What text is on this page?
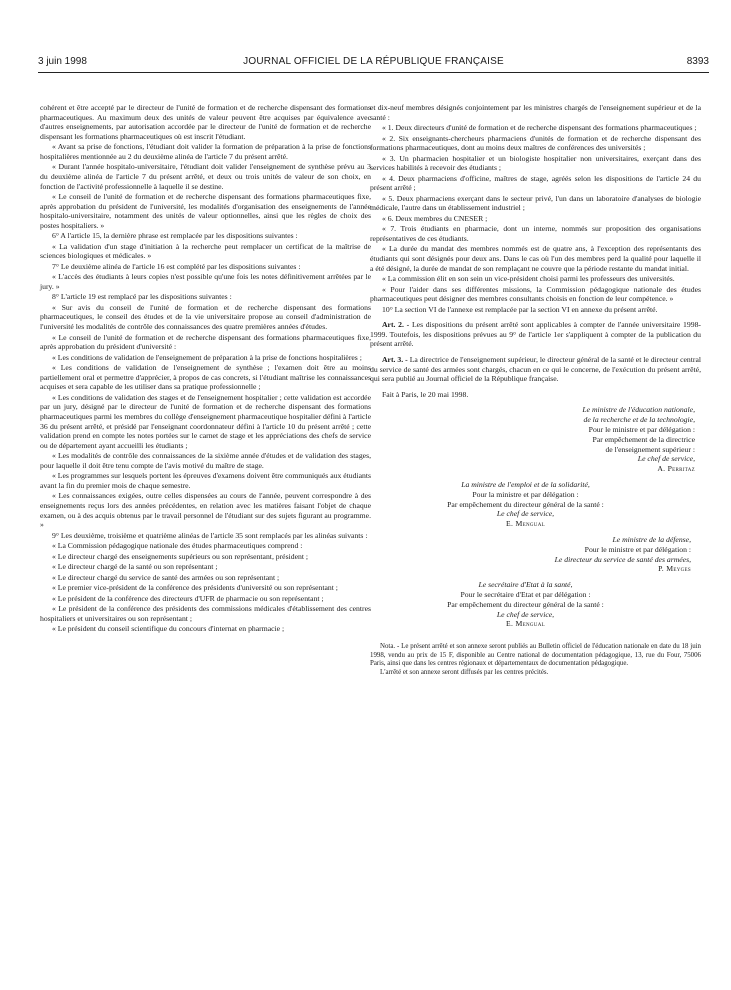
3 juin 1998	JOURNAL OFFICIEL DE LA RÉPUBLIQUE FRANÇAISE	8393

cohérent et être accepté par le directeur de l'unité de formation et de recherche dispensant des formations pharmaceutiques. Au maximum deux des unités de valeur peuvent être acquises par équivalence avec d'autres enseignements, par autorisation accordée par le directeur de l'unité de formation et de recherche dispensant les formations pharmaceutiques où est inscrit l'étudiant.

« Avant sa prise de fonctions, l'étudiant doit valider la formation de préparation à la prise de fonctions hospitalières mentionnée au 2 du deuxième alinéa de l'article 7 du présent arrêté.

« Durant l'année hospitalo-universitaire, l'étudiant doit valider l'enseignement de synthèse prévu au 3 du deuxième alinéa de l'article 7 du présent arrêté, et deux ou trois unités de valeur de son choix, en fonction de l'activité professionnelle à laquelle il se destine.

« Le conseil de l'unité de formation et de recherche dispensant des formations pharmaceutiques fixe, après approbation du président de l'université, les modalités d'organisation des enseignements de l'année hospitalo-universitaire, notamment des unités de valeur optionnelles, ainsi que les règles de choix des postes hospitaliers. »

6° A l'article 15, la dernière phrase est remplacée par les dispositions suivantes :

« La validation d'un stage d'initiation à la recherche peut remplacer un certificat de la maîtrise de sciences biologiques et médicales. »

7° Le deuxième alinéa de l'article 16 est complété par les dispositions suivantes :

« L'accès des étudiants à leurs copies n'est possible qu'une fois les notes définitivement arrêtées par le jury. »

8° L'article 19 est remplacé par les dispositions suivantes :

« Sur avis du conseil de l'unité de formation et de recherche dispensant des formations pharmaceutiques, le conseil des études et de la vie universitaire propose au conseil d'administration de l'université les modalités de contrôle des connaissances des quatre premières années d'études.

« Le conseil de l'unité de formation et de recherche dispensant des formations pharmaceutiques fixe, après approbation du président d'université :

« Les conditions de validation de l'enseignement de préparation à la prise de fonctions hospitalières ;

« Les conditions de validation de l'enseignement de synthèse ; l'examen doit être au moins partiellement oral et permettre d'apprécier, à propos de cas concrets, si l'étudiant maîtrise les connaissances acquises et sera capable de les utiliser dans sa pratique professionnelle ;

« Les conditions de validation des stages et de l'enseignement hospitalier ; cette validation est accordée par un jury, désigné par le directeur de l'unité de formation et de recherche dispensant des formations pharmaceutiques parmi les membres du collège d'enseignement pharmaceutique hospitalier défini à l'article 36 du présent arrêté, et présidé par l'enseignant coordonnateur défini à l'article 10 du présent arrêté ; cette validation prend en compte les notes portées sur le carnet de stage et les appréciations des chefs de service ou de département ayant accueilli les étudiants ;

« Les modalités de contrôle des connaissances de la sixième année d'études et de validation des stages, pour laquelle il doit être tenu compte de l'avis motivé du maître de stage.

« Les programmes sur lesquels portent les épreuves d'examens doivent être communiqués aux étudiants avant la fin du premier mois de chaque semestre.

« Les connaissances exigées, outre celles dispensées au cours de l'année, peuvent correspondre à des enseignements reçus lors des années précédentes, en relation avec les matières faisant l'objet de chaque examen, ou à des acquis obtenus par le travail personnel de l'étudiant sur des sujets figurant au programme. »

9° Les deuxième, troisième et quatrième alinéas de l'article 35 sont remplacés par les alinéas suivants :

« La Commission pédagogique nationale des études pharmaceutiques comprend :

« Le directeur chargé des enseignements supérieurs ou son représentant, président ;

« Le directeur chargé de la santé ou son représentant ;

« Le directeur chargé du service de santé des armées ou son représentant ;

« Le premier vice-président de la conférence des présidents d'université ou son représentant ;

« Le président de la conférence des directeurs d'UFR de pharmacie ou son représentant ;

« Le président de la conférence des présidents des commissions médicales d'établissement des centres hospitaliers et universitaires ou son représentant ;

« Le président du conseil scientifique du concours d'internat en pharmacie ;

et dix-neuf membres désignés conjointement par les ministres chargés de l'enseignement supérieur et de la santé :

« 1. Deux directeurs d'unité de formation et de recherche dispensant des formations pharmaceutiques ;

« 2. Six enseignants-chercheurs pharmaciens d'unités de formation et de recherche dispensant des formations pharmaceutiques, dont au moins deux maîtres de conférences des universités ;

« 3. Un pharmacien hospitalier et un biologiste hospitalier non universitaires, exerçant dans des services habilités à recevoir des étudiants ;

« 4. Deux pharmaciens d'officine, maîtres de stage, agréés selon les dispositions de l'article 24 du présent arrêté ;

« 5. Deux pharmaciens exerçant dans le secteur privé, l'un dans un laboratoire d'analyses de biologie médicale, l'autre dans un établissement industriel ;

« 6. Deux membres du CNESER ;

« 7. Trois étudiants en pharmacie, dont un interne, nommés sur proposition des organisations représentatives de ces étudiants.

« La durée du mandat des membres nommés est de quatre ans, à l'exception des représentants des étudiants qui sont désignés pour deux ans. Dans le cas où l'un des membres perd la qualité pour laquelle il a été désigné, la durée de mandat de son remplaçant ne couvre que la période restante du mandat initial.

« La commission élit en son sein un vice-président choisi parmi les professeurs des universités.

« Pour l'aider dans ses différentes missions, la Commission pédagogique nationale des études pharmaceutiques peut désigner des membres consultants choisis en fonction de leur compétence. »

10° La section VI de l'annexe est remplacée par la section VI en annexe du présent arrêté.

Art. 2. - Les dispositions du présent arrêté sont applicables à compter de l'année universitaire 1998-1999. Toutefois, les dispositions prévues au 9° de l'article 1er s'appliquent à compter de la publication du présent arrêté.

Art. 3. - La directrice de l'enseignement supérieur, le directeur général de la santé et le directeur central du service de santé des armées sont chargés, chacun en ce qui le concerne, de l'exécution du présent arrêté, qui sera publié au Journal officiel de la République française.

Fait à Paris, le 20 mai 1998.

Le ministre de l'éducation nationale,
de la recherche et de la technologie,
Pour le ministre et par délégation :
Par empêchement de la directrice
de l'enseignement supérieur :
Le chef de service,
A. Perritaz
La ministre de l'emploi et de la solidarité,
Pour la ministre et par délégation :
Par empêchement du directeur général de la santé :
Le chef de service,
E. Mengual
Le ministre de la défense,
Pour le ministre et par délégation :
Le directeur du service de santé des armées,
P. Meyges
Le secrétaire d'Etat à la santé,
Pour le secrétaire d'Etat et par délégation :
Par empêchement du directeur général de la santé :
Le chef de service,
E. Mengual

Nota. - Le présent arrêté et son annexe seront publiés au Bulletin officiel de l'éducation nationale en date du 18 juin 1998, vendu au prix de 15 F, disponible au Centre national de documentation pédagogique, 13, rue du Four, 75006 Paris, ainsi que dans les centres régionaux et départementaux de documentation pédagogique.

L'arrêté et son annexe seront diffusés par les centres précités.
